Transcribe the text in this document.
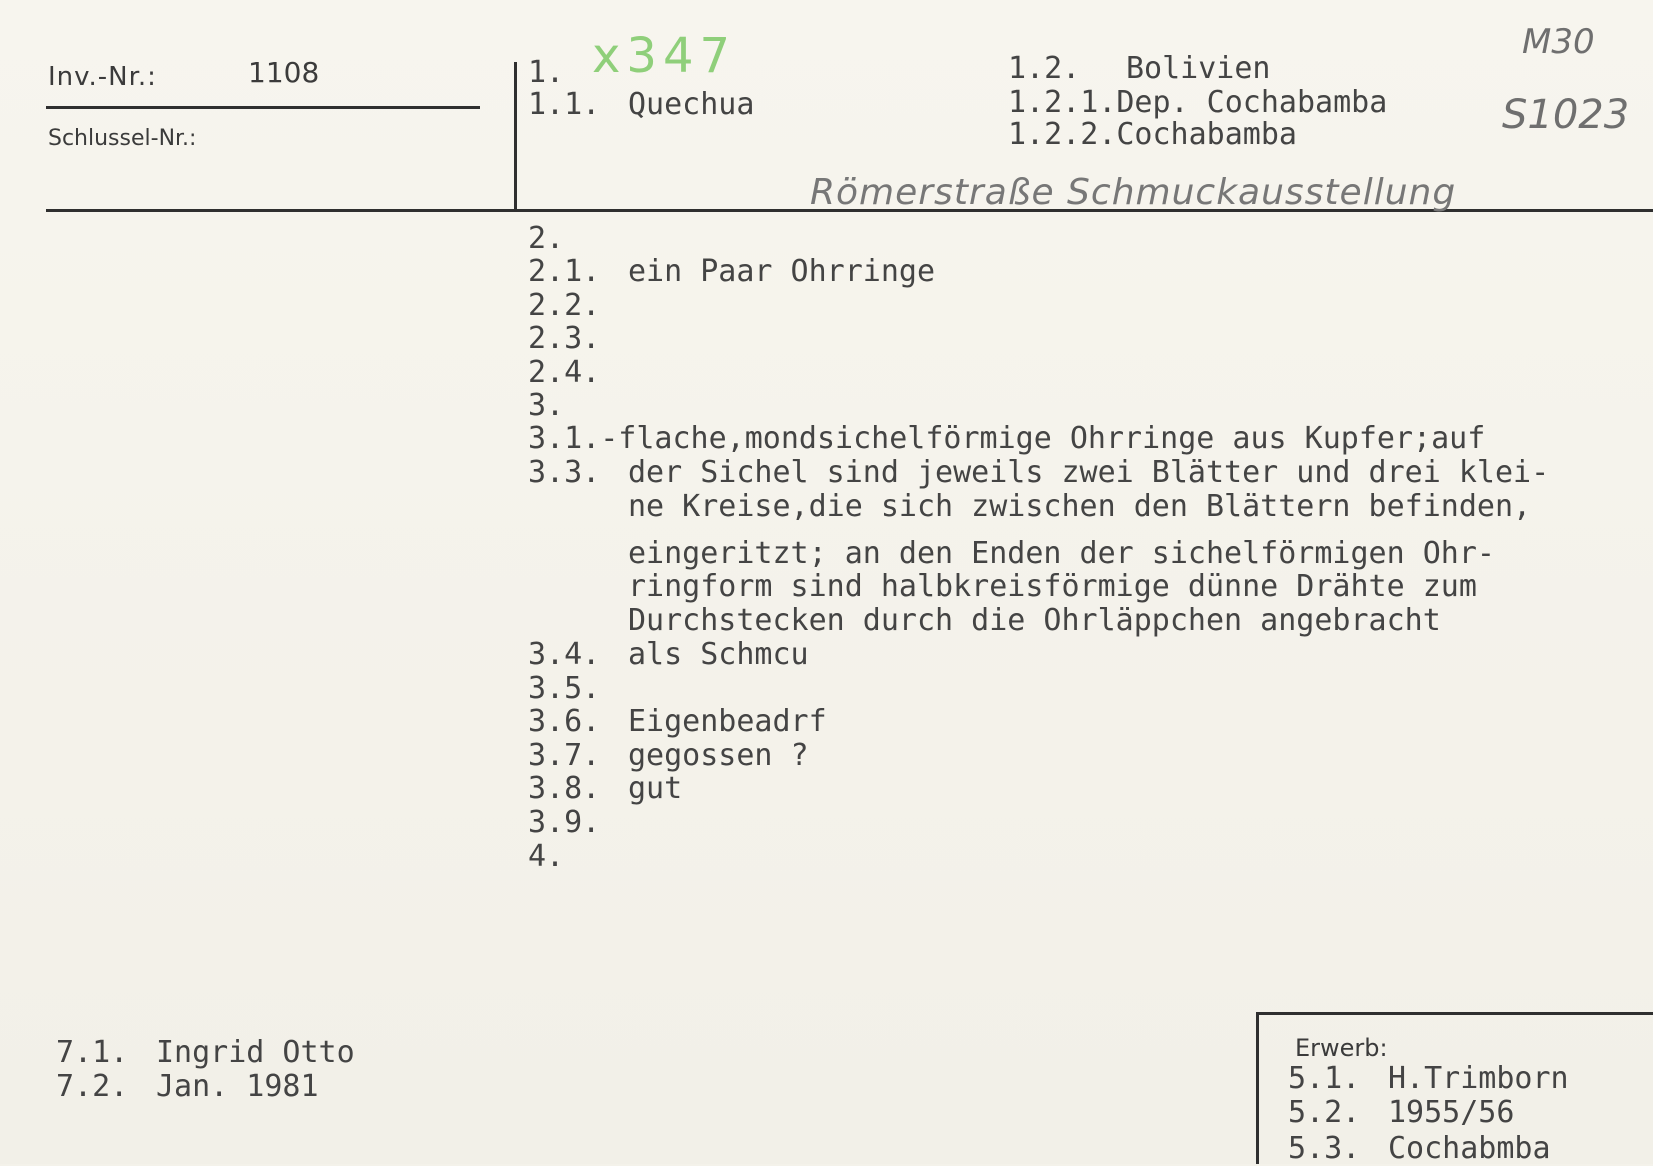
Inv.-Nr.:	1108
Schlussel-Nr.:
x347	M30
S1023
Römerstraße Schmuckausstellung
1.
1.1. Quechua
1.2. Bolivien
1.2.1.Dep. Cochabamba
1.2.2.Cochabamba
2.
2.1. ein Paar Ohrringe
2.2.
2.3.
2.4.
3.
3.1.-flache,mondsichelförmige Ohrringe aus Kupfer;auf
3.3. der Sichel sind jeweils zwei Blätter und drei klei-
ne Kreise,die sich zwischen den Blättern befinden,
eingeritzt; an den Enden der sichelförmigen Ohr-
ringform sind halbkreisförmige dünne Drähte zum
Durchstecken durch die Ohrläppchen angebracht
3.4. als Schmcu
3.5.
3.6. Eigenbeadrf
3.7. gegossen ?
3.8. gut
3.9.
4.
7.1. Ingrid Otto
7.2. Jan. 1981
Erwerb:
5.1. H.Trimborn
5.2. 1955/56
5.3. Cochabmba
